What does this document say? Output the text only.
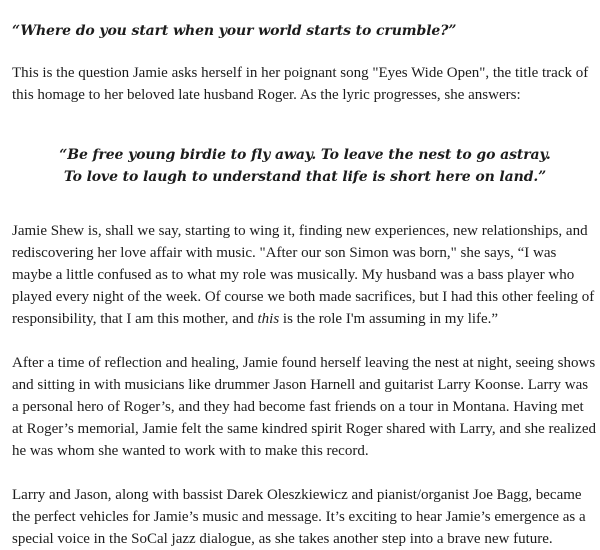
“Where do you start when your world starts to crumble?”

This is the question Jamie asks herself in her poignant song "Eyes Wide Open", the title track of this homage to her beloved late husband Roger. As the lyric progresses, she answers:

“Be free young birdie to fly away. To leave the nest to go astray.
To love to laugh to understand that life is short here on land.”

Jamie Shew is, shall we say, starting to wing it, finding new experiences, new relationships, and rediscovering her love affair with music. "After our son Simon was born," she says, “I was maybe a little confused as to what my role was musically. My husband was a bass player who played every night of the week. Of course we both made sacrifices, but I had this other feeling of responsibility, that I am this mother, and this is the role I'm assuming in my life.”

After a time of reflection and healing, Jamie found herself leaving the nest at night, seeing shows and sitting in with musicians like drummer Jason Harnell and guitarist Larry Koonse. Larry was a personal hero of Roger’s, and they had become fast friends on a tour in Montana. Having met at Roger’s memorial, Jamie felt the same kindred spirit Roger shared with Larry, and she realized he was whom she wanted to work with to make this record.

Larry and Jason, along with bassist Darek Oleszkiewicz and pianist/organist Joe Bagg, became the perfect vehicles for Jamie’s music and message. It’s exciting to hear Jamie’s emergence as a special voice in the SoCal jazz dialogue, as she takes another step into a brave new future.
